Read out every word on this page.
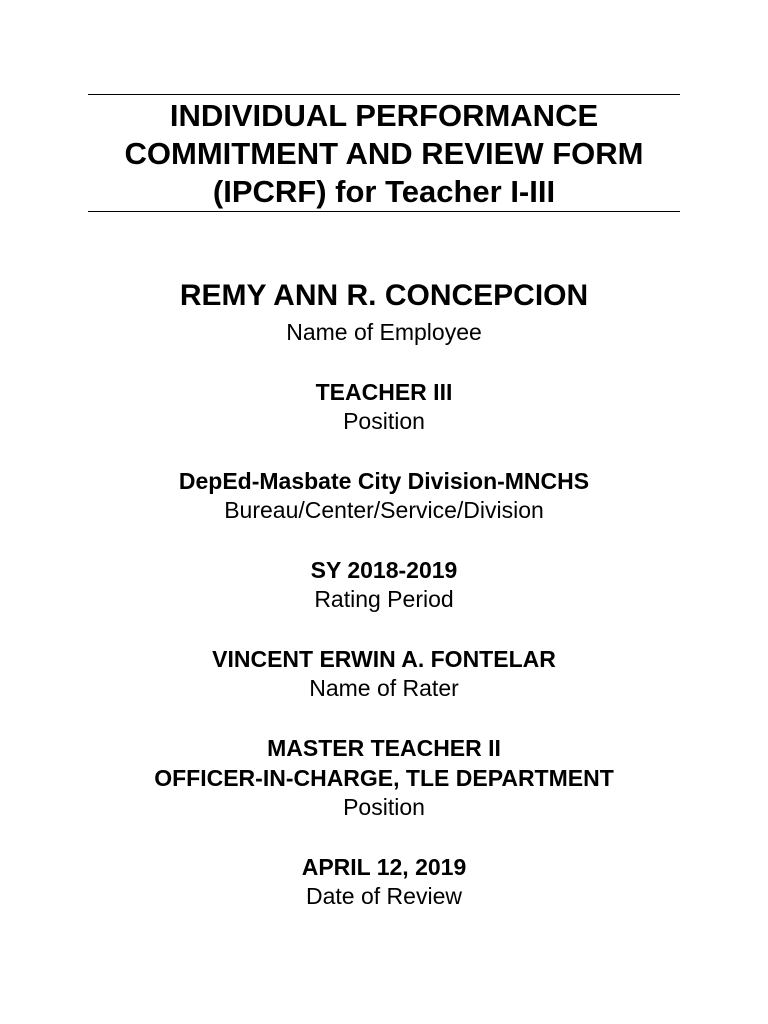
INDIVIDUAL PERFORMANCE
COMMITMENT AND REVIEW FORM
(IPCRF) for Teacher I-III
REMY ANN R. CONCEPCION
Name of Employee
TEACHER III
Position
DepEd-Masbate City Division-MNCHS
Bureau/Center/Service/Division
SY 2018-2019
Rating Period
VINCENT ERWIN A. FONTELAR
Name of Rater
MASTER TEACHER II
OFFICER-IN-CHARGE, TLE DEPARTMENT
Position
APRIL 12, 2019
Date of Review
